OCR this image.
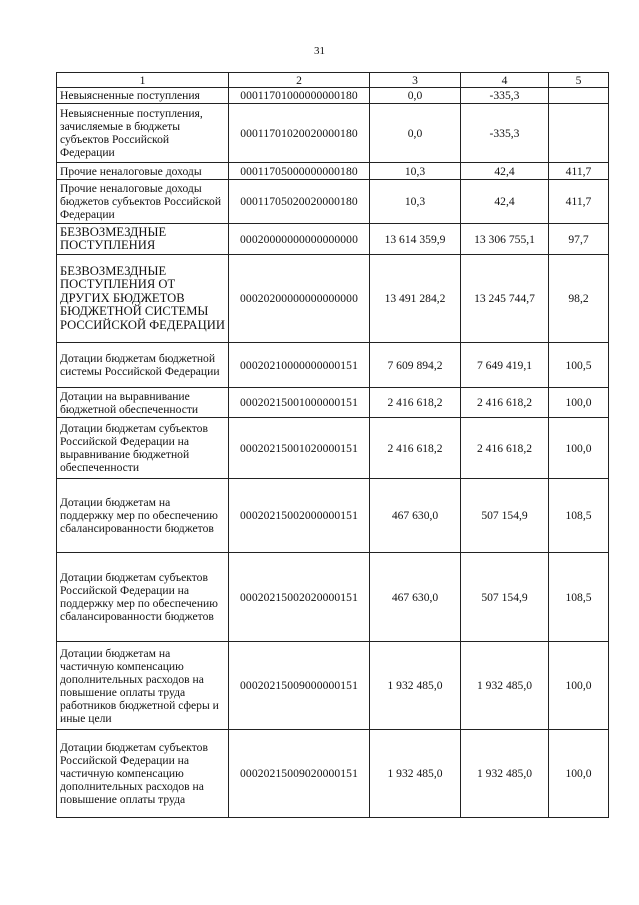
31
1	2	3	4	5
Невыясненные поступления	00011701000000000180	0,0	-335,3	
Невыясненные поступления, зачисляемые в бюджеты субъектов Российской Федерации	00011701020020000180	0,0	-335,3	
Прочие неналоговые доходы	00011705000000000180	10,3	42,4	411,7
Прочие неналоговые доходы бюджетов субъектов Российской Федерации	00011705020020000180	10,3	42,4	411,7
БЕЗВОЗМЕЗДНЫЕ ПОСТУПЛЕНИЯ	00020000000000000000	13 614 359,9	13 306 755,1	97,7
БЕЗВОЗМЕЗДНЫЕ ПОСТУПЛЕНИЯ ОТ ДРУГИХ БЮДЖЕТОВ БЮДЖЕТНОЙ СИСТЕМЫ РОССИЙСКОЙ ФЕДЕРАЦИИ	00020200000000000000	13 491 284,2	13 245 744,7	98,2
Дотации бюджетам бюджетной системы Российской Федерации	00020210000000000151	7 609 894,2	7 649 419,1	100,5
Дотации на выравнивание бюджетной обеспеченности	00020215001000000151	2 416 618,2	2 416 618,2	100,0
Дотации бюджетам субъектов Российской Федерации на выравнивание бюджетной обеспеченности	00020215001020000151	2 416 618,2	2 416 618,2	100,0
Дотации бюджетам на поддержку мер по обеспечению сбалансированности бюджетов	00020215002000000151	467 630,0	507 154,9	108,5
Дотации бюджетам субъектов Российской Федерации на поддержку мер по обеспечению сбалансированности бюджетов	00020215002020000151	467 630,0	507 154,9	108,5
Дотации бюджетам на частичную компенсацию дополнительных расходов на повышение оплаты труда работников бюджетной сферы и иные цели	00020215009000000151	1 932 485,0	1 932 485,0	100,0
Дотации бюджетам субъектов Российской Федерации на частичную компенсацию дополнительных расходов на повышение оплаты труда	00020215009020000151	1 932 485,0	1 932 485,0	100,0
